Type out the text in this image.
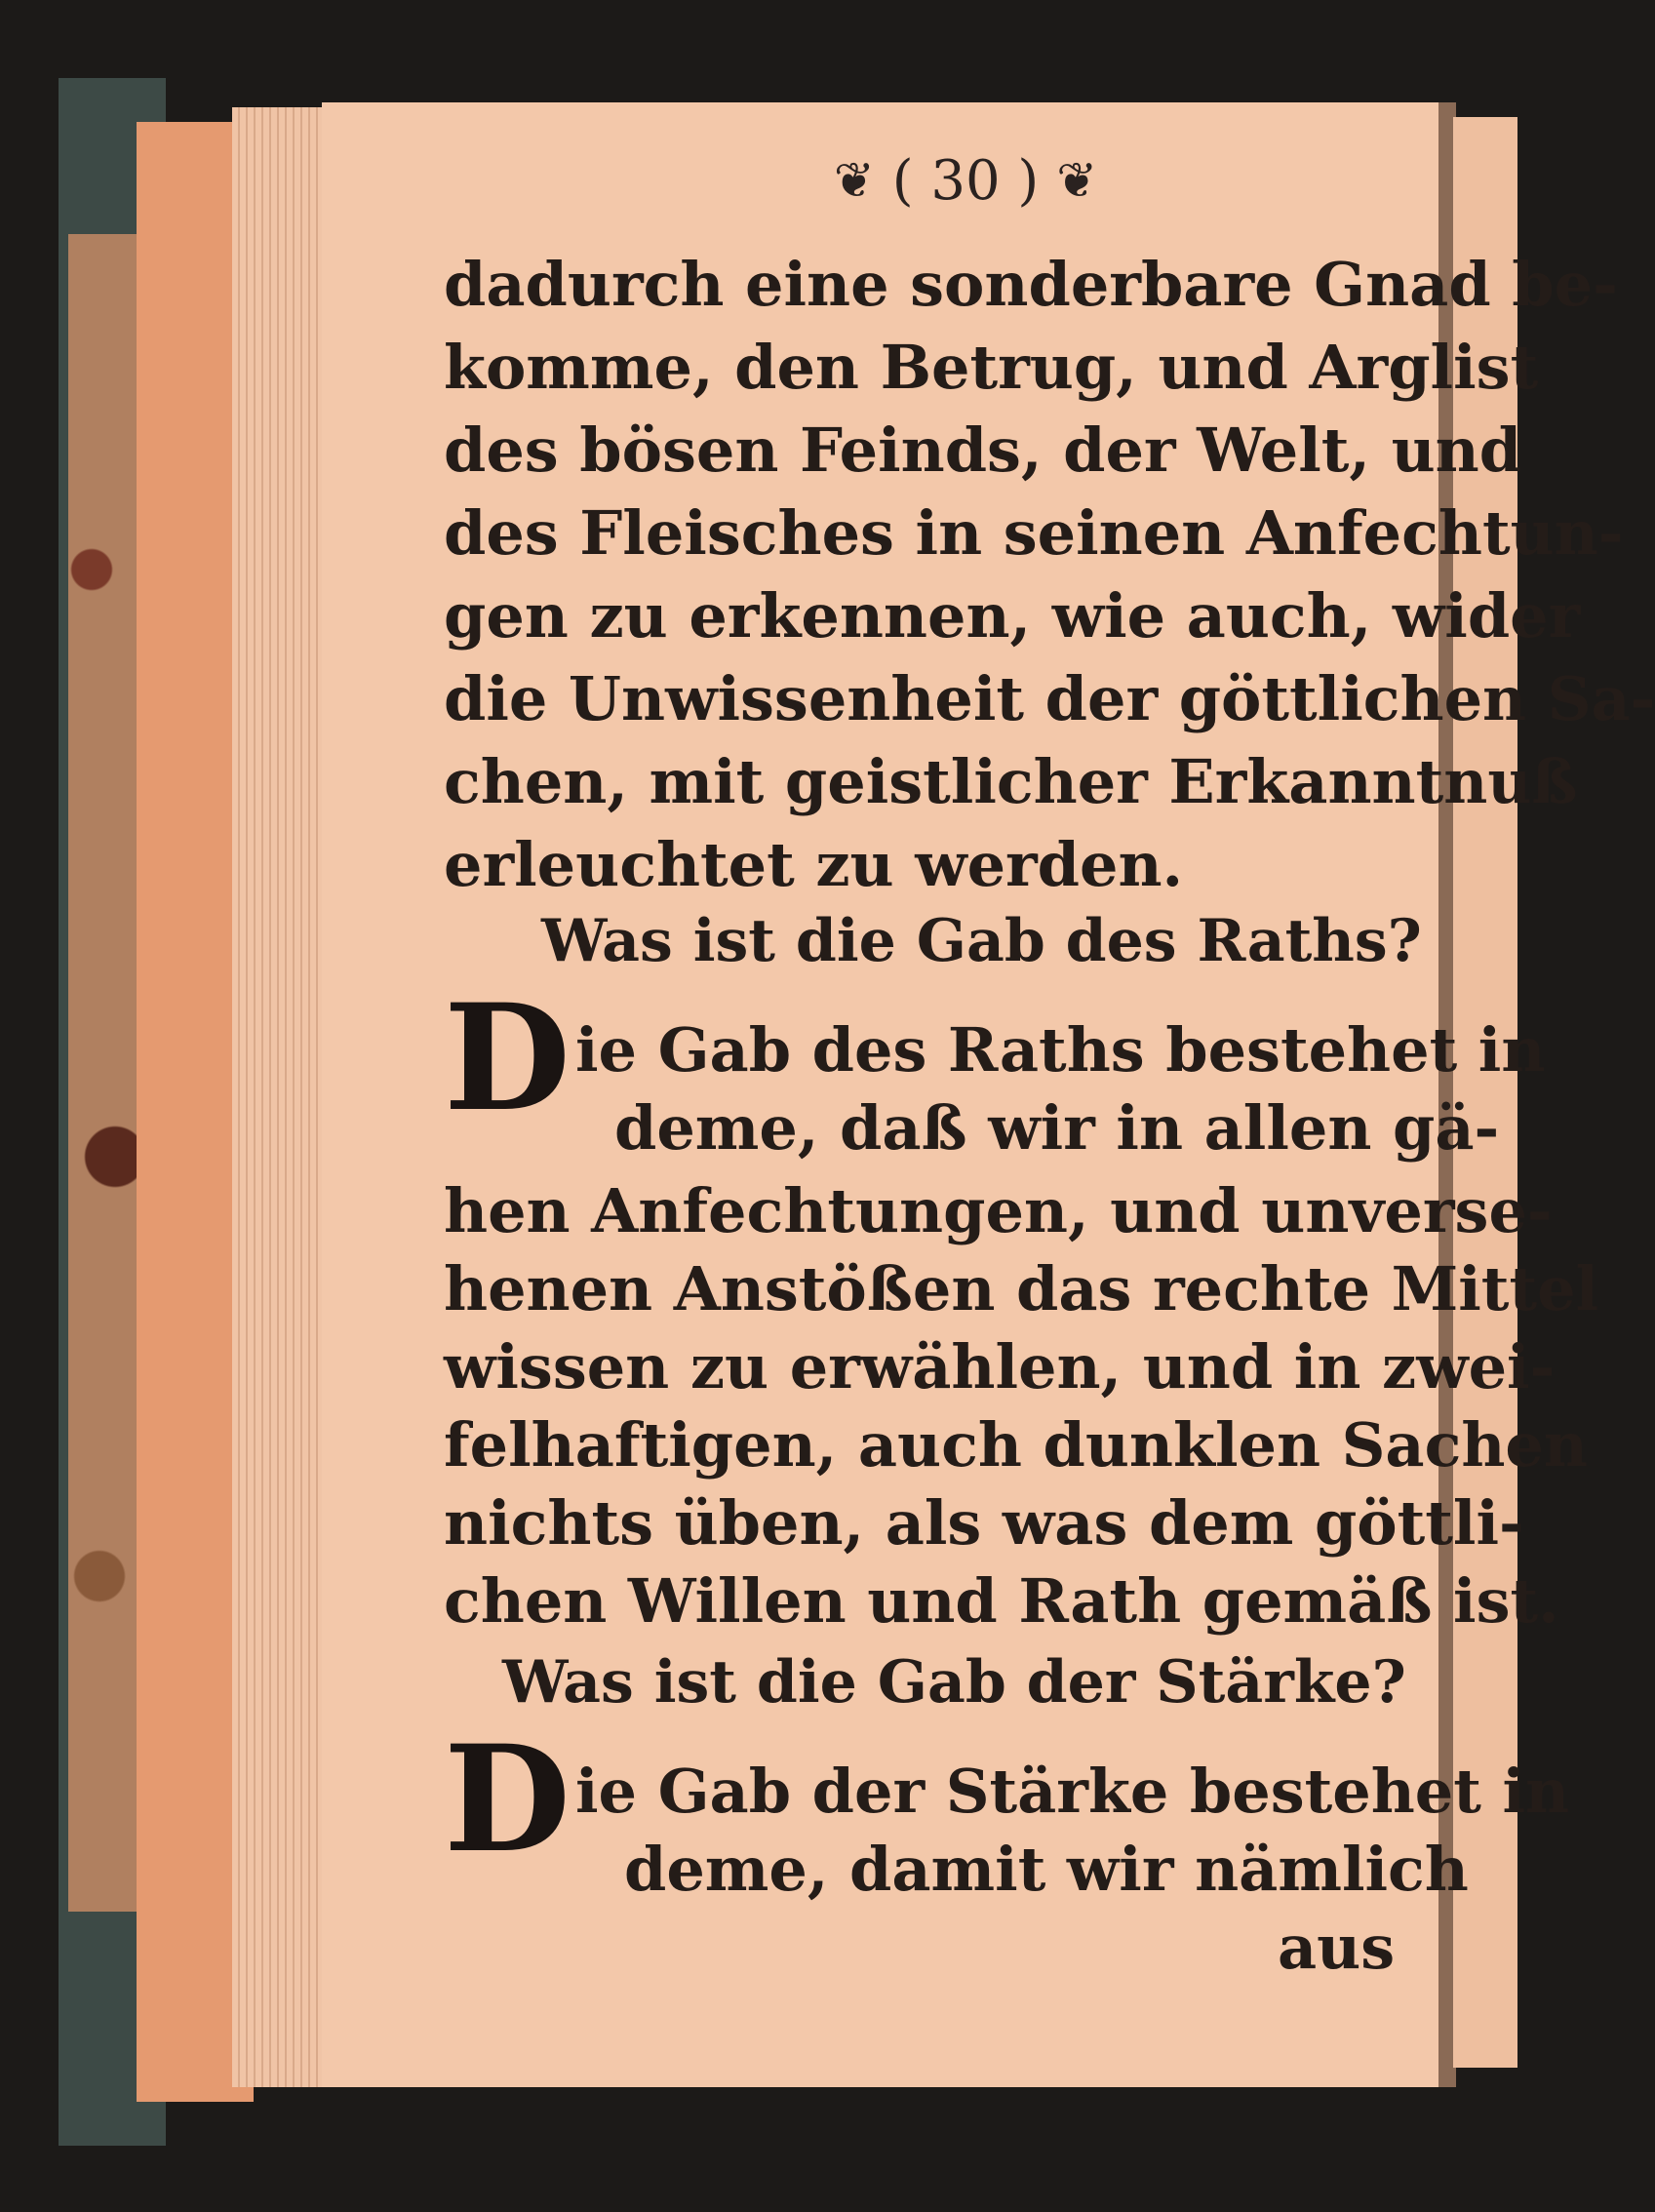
❦ ( 30 ) ❦
dadurch eine sonderbare Gnad be-
komme, den Betrug, und Arglist
des bösen Feinds, der Welt, und
des Fleisches in seinen Anfechtun-
gen zu erkennen, wie auch, wider
die Unwissenheit der göttlichen Sa-
chen, mit geistlicher Erkanntnuß
erleuchtet zu werden.
Was ist die Gab des Raths?
D ie Gab des Raths bestehet in
deme, daß wir in allen gä-
hen Anfechtungen, und unverse-
henen Anstößen das rechte Mittel
wissen zu erwählen, und in zwei-
felhaftigen, auch dunklen Sachen
nichts üben, als was dem göttli-
chen Willen und Rath gemäß ist.
Was ist die Gab der Stärke?
D ie Gab der Stärke bestehet in
deme, damit wir nämlich
aus
